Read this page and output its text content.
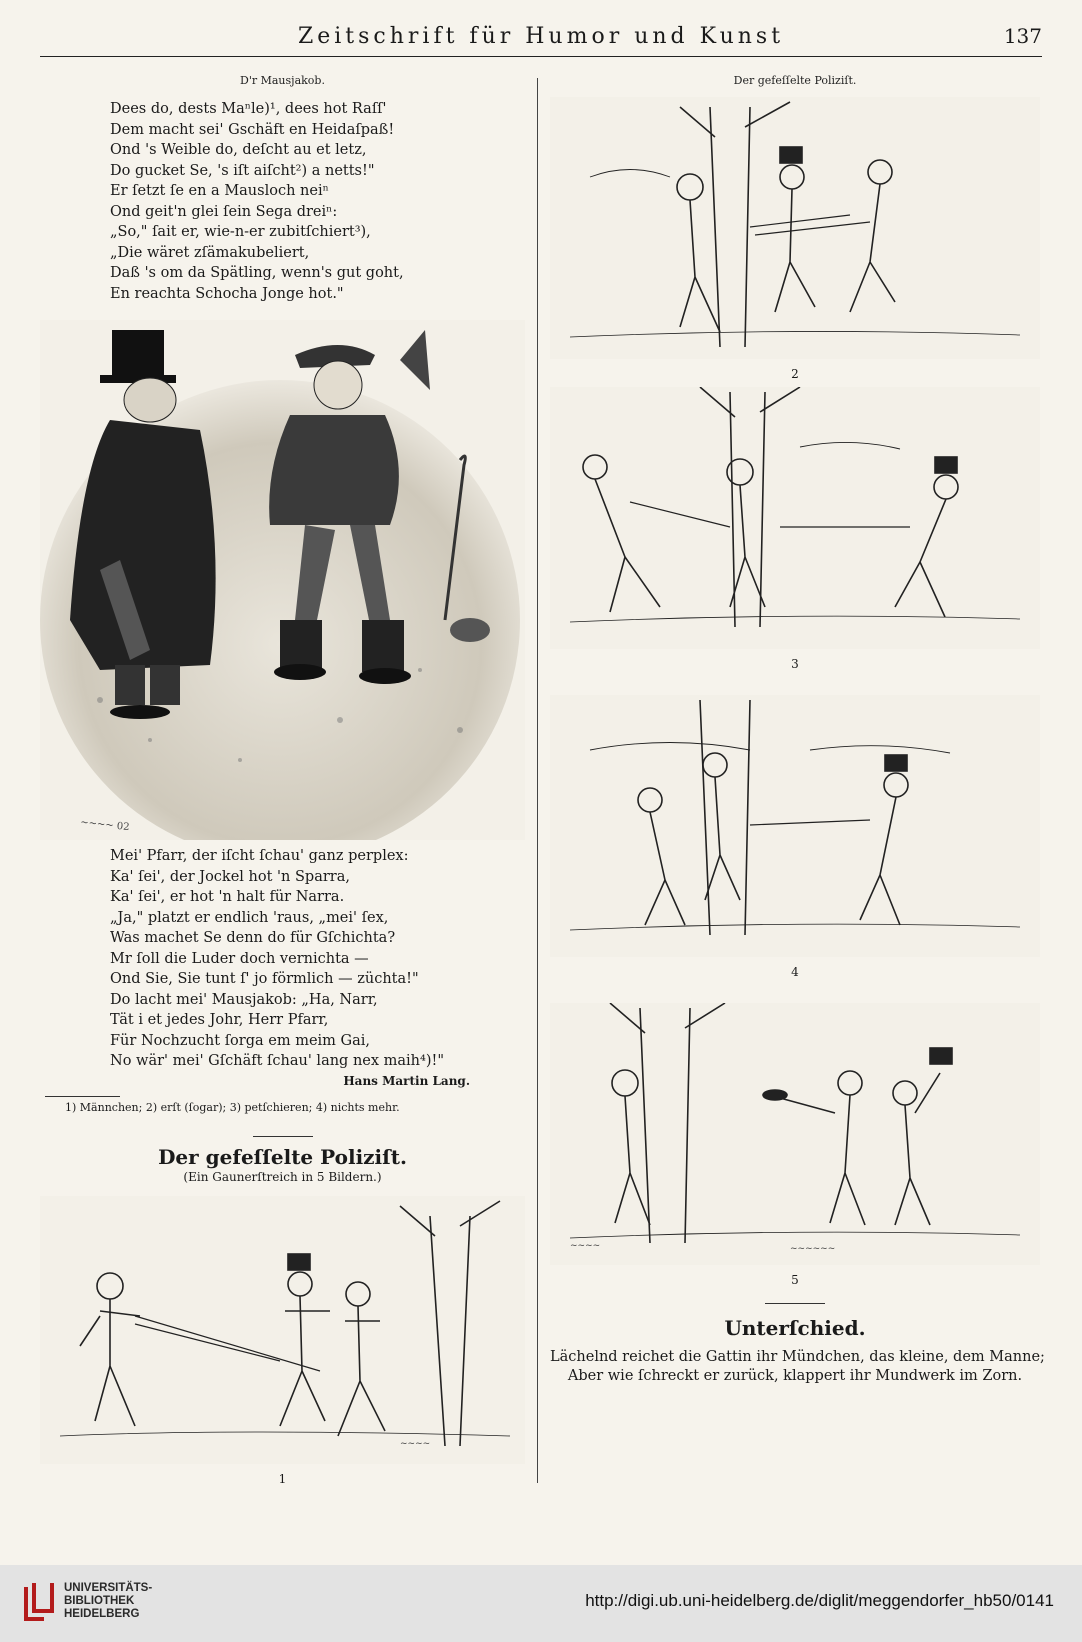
Zeitschrift für Humor und Kunst	137
D'r Mausjakob.
Dees do, dests Maⁿle)¹, dees hot Raſſ'
Dem macht sei' Gschäft en Heidaſpaß!
Ond 's Weible do, deſcht au et letz,
Do gucket Se, 's iſt aiſcht²) a netts!"
Er ſetzt ſe en a Mausloch neiⁿ
Ond geit'n glei ſein Sega dreiⁿ:
„So," ſait er, wie-n-er zubitſchiert³),
„Die wäret zſämakubeliert,
Daß 's om da Spätling, wenn's gut goht,
En reachta Schocha Jonge hot."
~~~~ 02
Mei' Pfarr, der iſcht ſchau' ganz perplex:
Ka' ſei', der Jockel hot 'n Sparra,
Ka' ſei', er hot 'n halt für Narra.
„Ja," platzt er endlich 'raus, „mei' ſex,
Was machet Se denn do für Gſchichta?
Mr ſoll die Luder doch vernichta —
Ond Sie, Sie tunt ſ' jo förmlich — züchta!"
Do lacht mei' Mausjakob: „Ha, Narr,
Tät i et jedes Johr, Herr Pfarr,
Für Nochzucht ſorga em meim Gai,
No wär' mei' Gſchäft ſchau' lang nex maih⁴)!"
Hans Martin Lang.
1) Männchen; 2) erſt (ſogar); 3) petſchieren; 4) nichts mehr.
Der gefeſſelte Poliziſt.
(Ein Gaunerſtreich in 5 Bildern.)
~~~~
1
Der gefeſſelte Poliziſt.
2
3
4
~~~~	~~~~~~
5
Unterſchied.
Lächelnd reichet die Gattin ihr Mündchen, das kleine, dem Manne;
Aber wie ſchreckt er zurück, klappert ihr Mundwerk im Zorn.
UNIVERSITÄTS-
BIBLIOTHEK
HEIDELBERG
http://digi.ub.uni-heidelberg.de/diglit/meggendorfer_hb50/0141
